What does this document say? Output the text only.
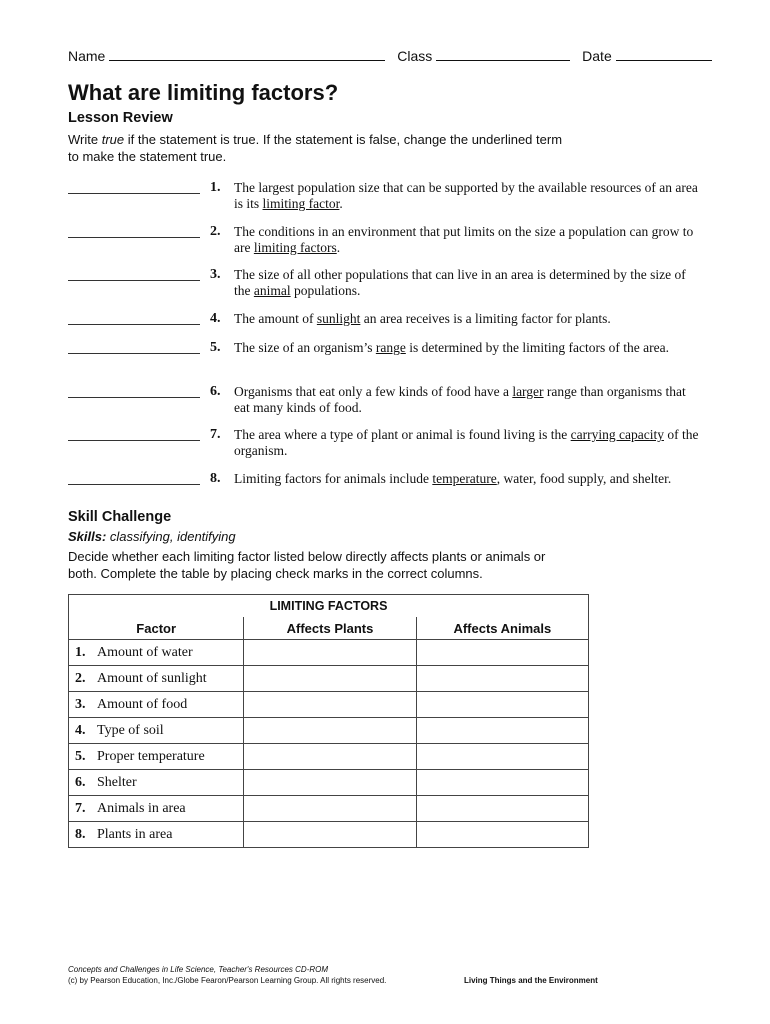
Name	Class	Date
What are limiting factors?
Lesson Review
Write true if the statement is true. If the statement is false, change the underlined term to make the statement true.
1. The largest population size that can be supported by the available resources of an area is its limiting factor.
2. The conditions in an environment that put limits on the size a population can grow to are limiting factors.
3. The size of all other populations that can live in an area is determined by the size of the animal populations.
4. The amount of sunlight an area receives is a limiting factor for plants.
5. The size of an organism’s range is determined by the limiting factors of the area.
6. Organisms that eat only a few kinds of food have a larger range than organisms that eat many kinds of food.
7. The area where a type of plant or animal is found living is the carrying capacity of the organism.
8. Limiting factors for animals include temperature, water, food supply, and shelter.
Skill Challenge
Skills: classifying, identifying
Decide whether each limiting factor listed below directly affects plants or animals or both. Complete the table by placing check marks in the correct columns.
LIMITING FACTORS		
Factor	Affects Plants	Affects Animals
1. Amount of water		
2. Amount of sunlight		
3. Amount of food		
4. Type of soil		
5. Proper temperature		
6. Shelter		
7. Animals in area		
8. Plants in area		
Concepts and Challenges in Life Science, Teacher's Resources CD-ROM
(c) by Pearson Education, Inc./Globe Fearon/Pearson Learning Group. All rights reserved.	Living Things and the Environment
